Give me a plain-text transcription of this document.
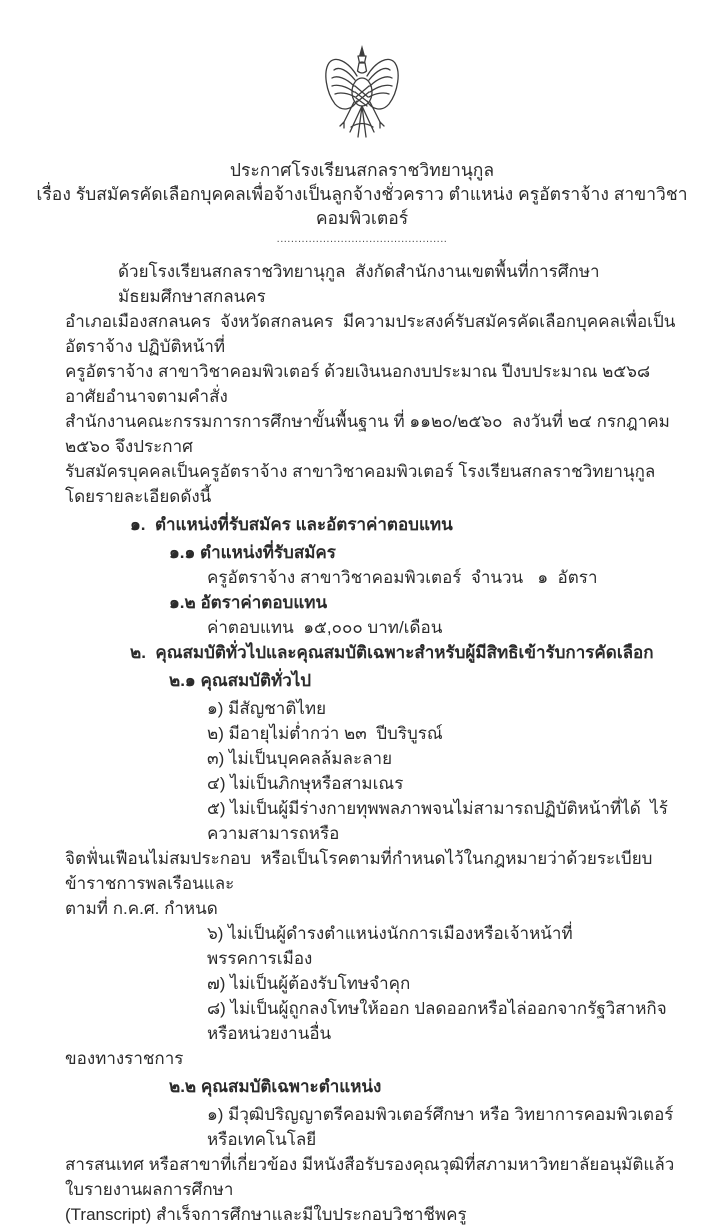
ประกาศโรงเรียนสกลราชวิทยานุกูล
เรื่อง รับสมัครคัดเลือกบุคคลเพื่อจ้างเป็นลูกจ้างชั่วคราว ตำแหน่ง ครูอัตราจ้าง สาขาวิชาคอมพิวเตอร์
................................................
ด้วยโรงเรียนสกลราชวิทยานุกูล  สังกัดสำนักงานเขตพื้นที่การศึกษามัธยมศึกษาสกลนคร
อำเภอเมืองสกลนคร  จังหวัดสกลนคร  มีความประสงค์รับสมัครคัดเลือกบุคคลเพื่อเป็นอัตราจ้าง ปฏิบัติหน้าที่
ครูอัตราจ้าง สาขาวิชาคอมพิวเตอร์ ด้วยเงินนอกงบประมาณ ปีงบประมาณ ๒๕๖๘  อาศัยอำนาจตามคำสั่ง
สำนักงานคณะกรรมการการศึกษาขั้นพื้นฐาน ที่ ๑๑๒๐/๒๕๖๐  ลงวันที่ ๒๔ กรกฎาคม ๒๕๖๐ จึงประกาศ
รับสมัครบุคคลเป็นครูอัตราจ้าง สาขาวิชาคอมพิวเตอร์ โรงเรียนสกลราชวิทยานุกูล โดยรายละเอียดดังนี้
๑.  ตำแหน่งที่รับสมัคร และอัตราค่าตอบแทน
๑.๑ ตำแหน่งที่รับสมัคร
ครูอัตราจ้าง สาขาวิชาคอมพิวเตอร์  จำนวน   ๑  อัตรา
๑.๒ อัตราค่าตอบแทน
ค่าตอบแทน  ๑๕,๐๐๐ บาท/เดือน
๒.  คุณสมบัติทั่วไปและคุณสมบัติเฉพาะสำหรับผู้มีสิทธิเข้ารับการคัดเลือก
๒.๑ คุณสมบัติทั่วไป
๑) มีสัญชาติไทย
๒) มีอายุไม่ต่ำกว่า ๒๓  ปีบริบูรณ์
๓) ไม่เป็นบุคคลล้มละลาย
๔) ไม่เป็นภิกษุหรือสามเณร
๕) ไม่เป็นผู้มีร่างกายทุพพลภาพจนไม่สามารถปฏิบัติหน้าที่ได้  ไร้ความสามารถหรือ
จิตฟั่นเฟือนไม่สมประกอบ  หรือเป็นโรคตามที่กำหนดไว้ในกฎหมายว่าด้วยระเบียบข้าราชการพลเรือนและ
ตามที่ ก.ค.ศ. กำหนด
๖) ไม่เป็นผู้ดำรงตำแหน่งนักการเมืองหรือเจ้าหน้าที่พรรคการเมือง
๗) ไม่เป็นผู้ต้องรับโทษจำคุก
๘) ไม่เป็นผู้ถูกลงโทษให้ออก ปลดออกหรือไล่ออกจากรัฐวิสาหกิจหรือหน่วยงานอื่น
ของทางราชการ
๒.๒ คุณสมบัติเฉพาะตำแหน่ง
๑) มีวุฒิปริญญาตรีคอมพิวเตอร์ศึกษา หรือ วิทยาการคอมพิวเตอร์ หรือเทคโนโลยี
สารสนเทศ หรือสาขาที่เกี่ยวข้อง มีหนังสือรับรองคุณวุฒิที่สภามหาวิทยาลัยอนุมัติแล้ว ใบรายงานผลการศึกษา
(Transcript) สำเร็จการศึกษาและมีใบประกอบวิชาชีพครู
